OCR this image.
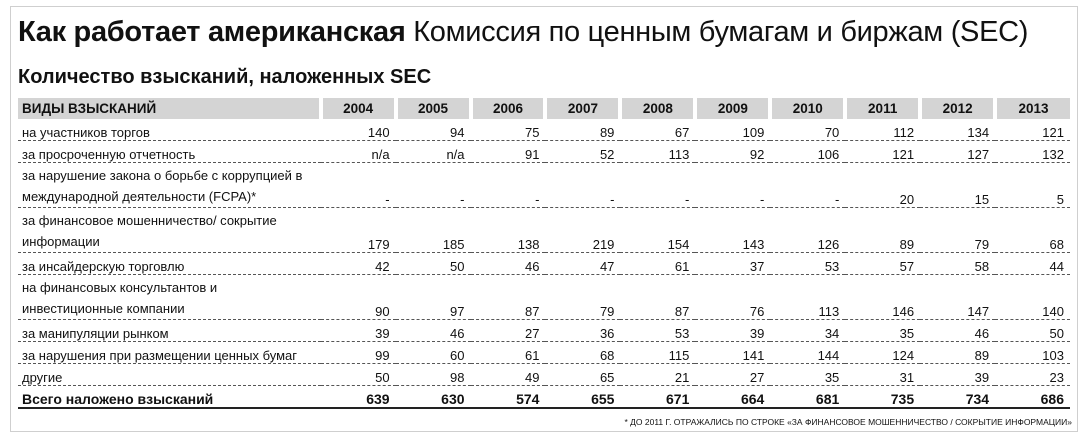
Как работает американская Комиссия по ценным бумагам и биржам (SEC)
Количество взысканий, наложенных SEC
ВИДЫ ВЗЫСКАНИЙ	2004	2005	2006	2007	2008	2009	2010	2011	2012	2013
на участников торгов	140	94	75	89	67	109	70	112	134	121
за просроченную отчетность	n/a	n/a	91	52	113	92	106	121	127	132
за нарушение закона о борьбе с коррупцией в международной деятельности (FCPA)*	-	-	-	-	-	-	-	20	15	5
за финансовое мошенничество/ сокрытие информации	179	185	138	219	154	143	126	89	79	68
за инсайдерскую торговлю	42	50	46	47	61	37	53	57	58	44
на финансовых консультантов и инвестиционные компании	90	97	87	79	87	76	113	146	147	140
за манипуляции рынком	39	46	27	36	53	39	34	35	46	50
за нарушения при размещении ценных бумаг	99	60	61	68	115	141	144	124	89	103
другие	50	98	49	65	21	27	35	31	39	23
Всего наложено взысканий	639	630	574	655	671	664	681	735	734	686
* ДО 2011 Г. ОТРАЖАЛИСЬ ПО СТРОКЕ «ЗА ФИНАНСОВОЕ МОШЕННИЧЕСТВО / СОКРЫТИЕ ИНФОРМАЦИИ»
